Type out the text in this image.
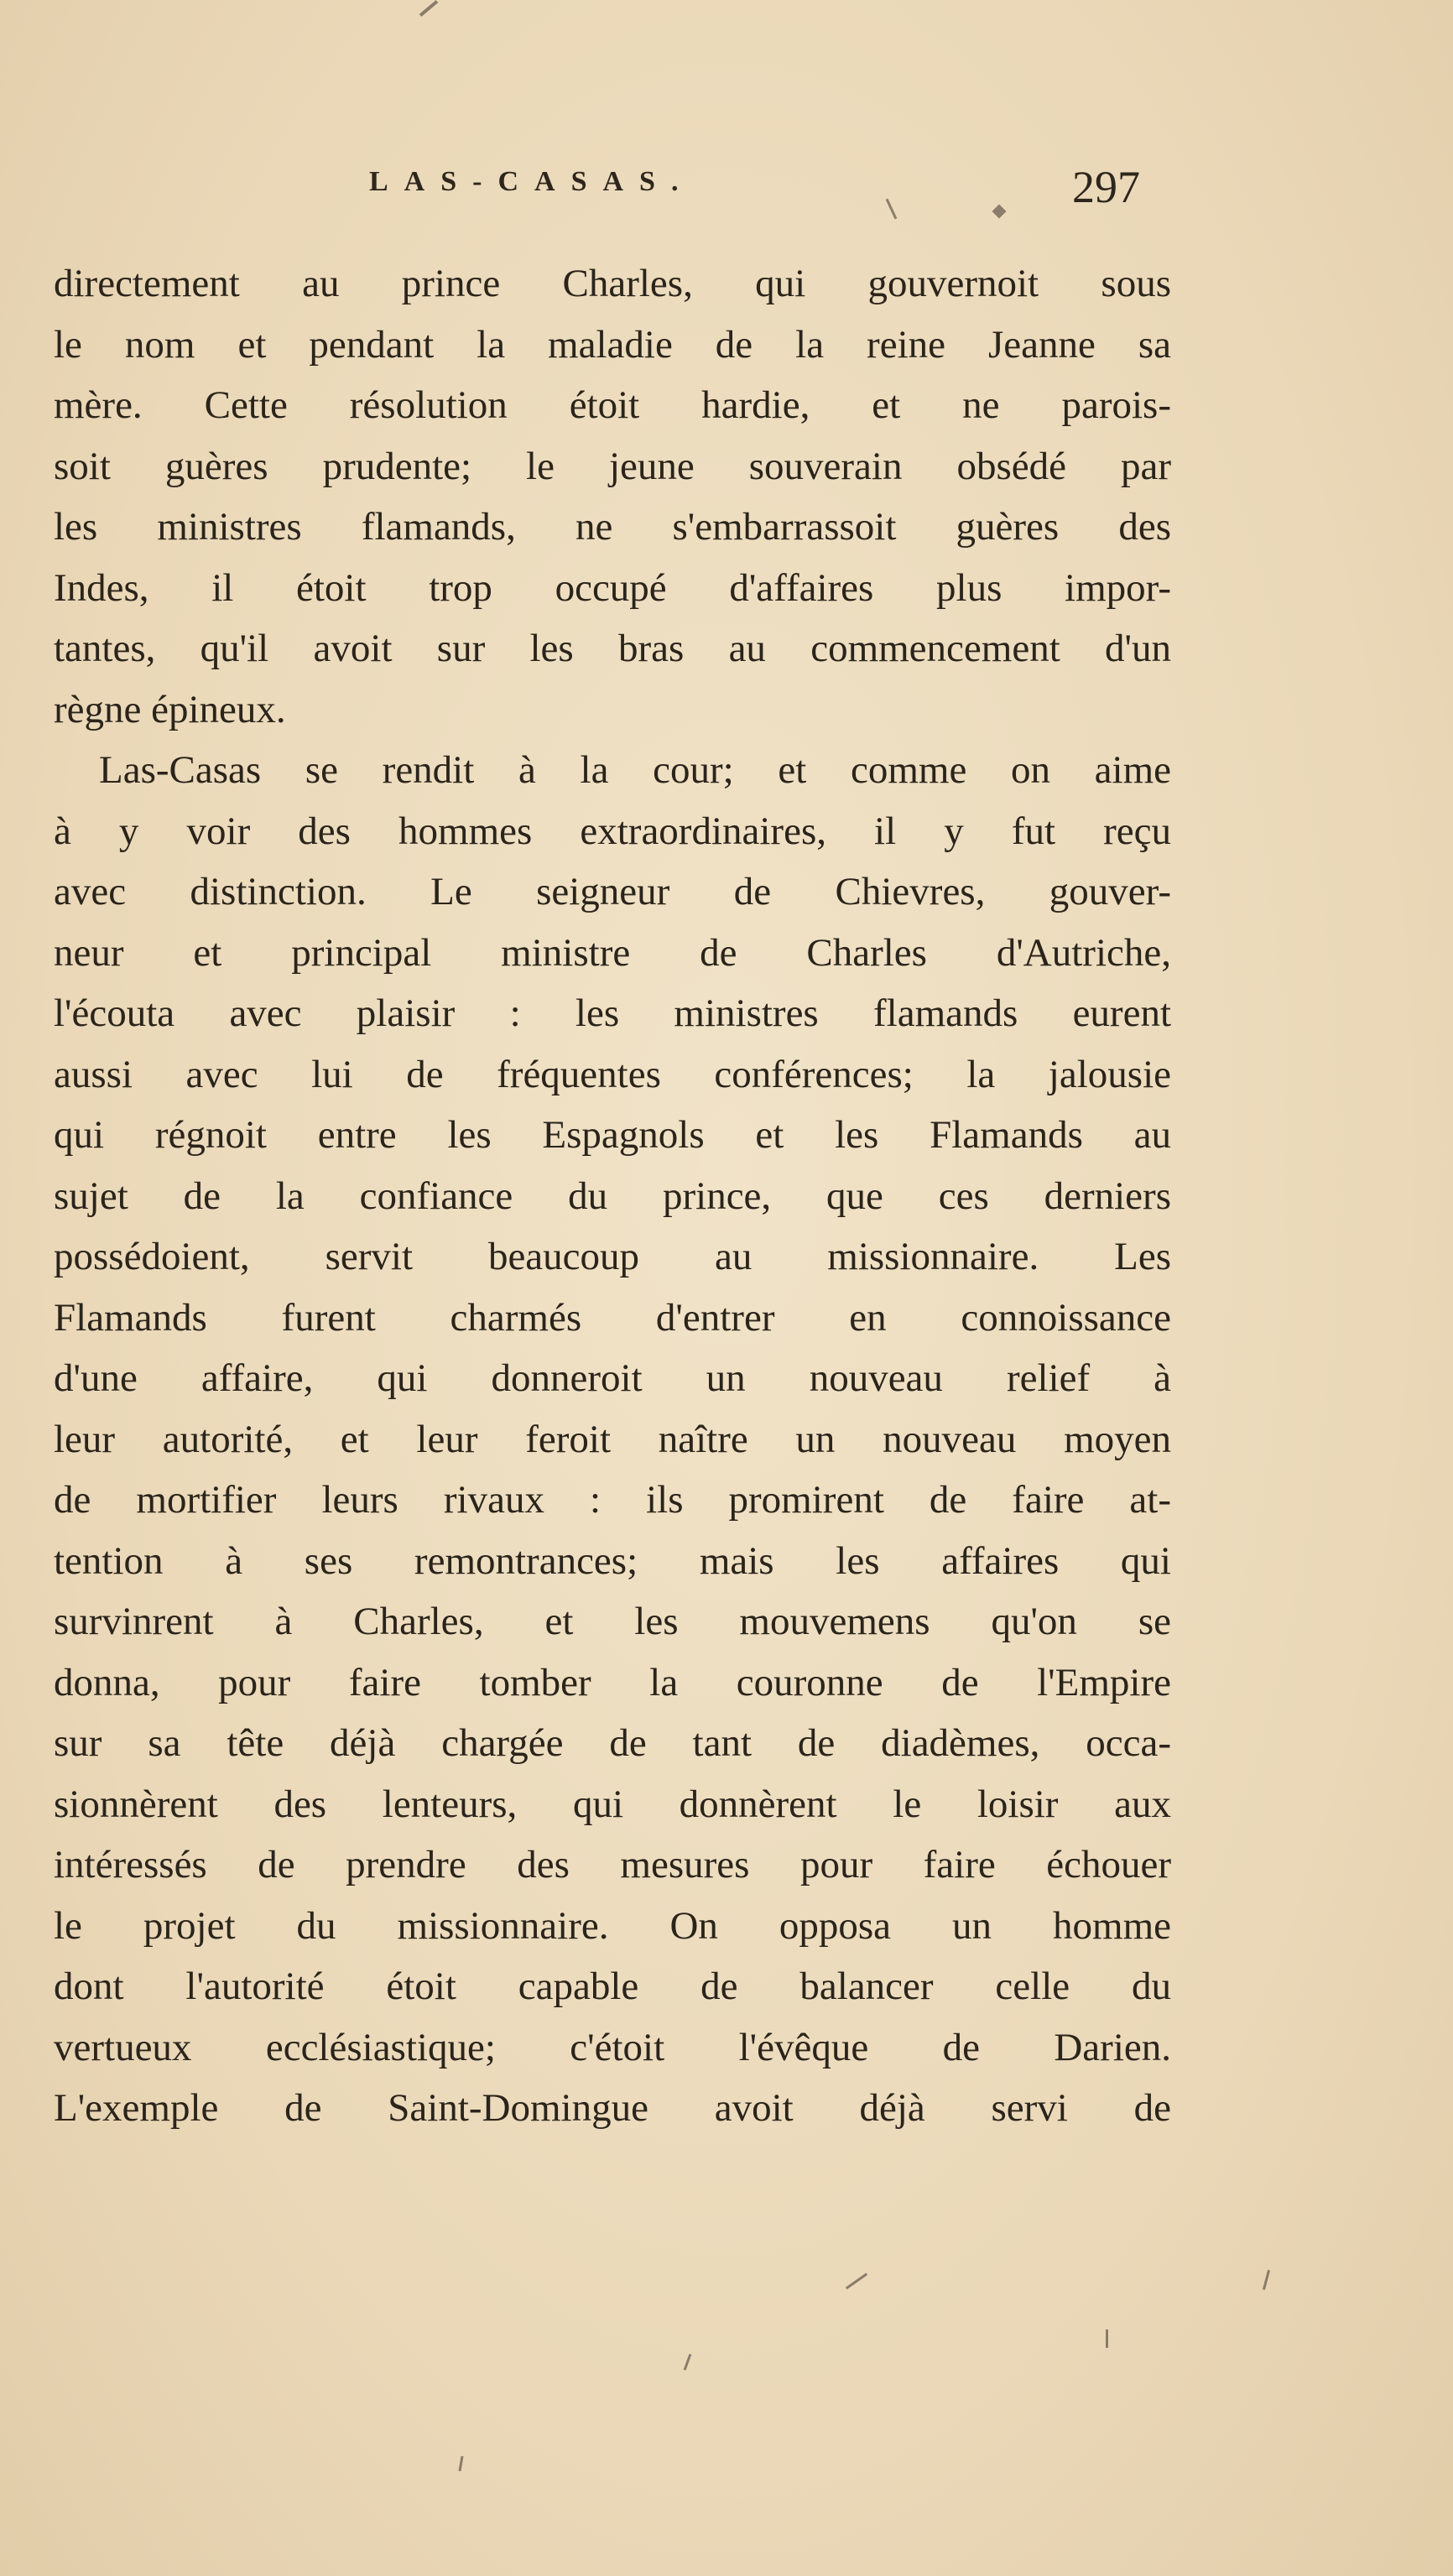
LAS-CASAS.	297
directement au prince Charles, qui gouvernoit sous
le nom et pendant la maladie de la reine Jeanne sa
mère. Cette résolution étoit hardie, et ne parois-
soit guères prudente; le jeune souverain obsédé par
les ministres flamands, ne s'embarrassoit guères des
Indes, il étoit trop occupé d'affaires plus impor-
tantes, qu'il avoit sur les bras au commencement d'un
règne épineux.
Las-Casas se rendit à la cour; et comme on aime
à y voir des hommes extraordinaires, il y fut reçu
avec distinction. Le seigneur de Chievres, gouver-
neur et principal ministre de Charles d'Autriche,
l'écouta avec plaisir : les ministres flamands eurent
aussi avec lui de fréquentes conférences; la jalousie
qui régnoit entre les Espagnols et les Flamands au
sujet de la confiance du prince, que ces derniers
possédoient, servit beaucoup au missionnaire. Les
Flamands furent charmés d'entrer en connoissance
d'une affaire, qui donneroit un nouveau relief à
leur autorité, et leur feroit naître un nouveau moyen
de mortifier leurs rivaux : ils promirent de faire at-
tention à ses remontrances; mais les affaires qui
survinrent à Charles, et les mouvemens qu'on se
donna, pour faire tomber la couronne de l'Empire
sur sa tête déjà chargée de tant de diadèmes, occa-
sionnèrent des lenteurs, qui donnèrent le loisir aux
intéressés de prendre des mesures pour faire échouer
le projet du missionnaire. On opposa un homme
dont l'autorité étoit capable de balancer celle du
vertueux ecclésiastique; c'étoit l'évêque de Darien.
L'exemple de Saint-Domingue avoit déjà servi de
